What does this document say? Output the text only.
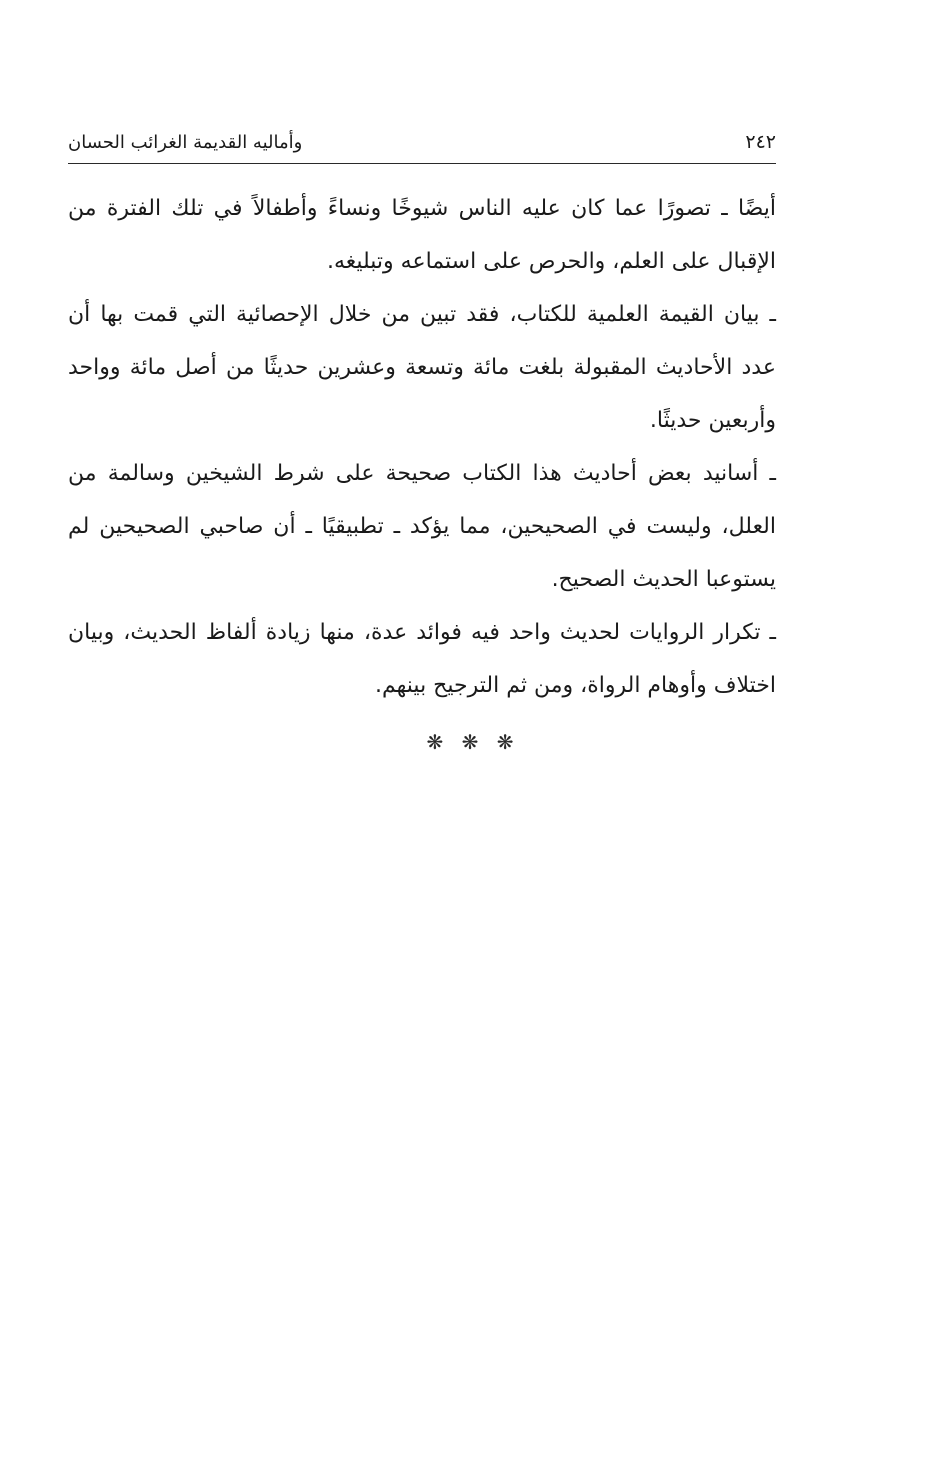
٢٤٢
وأماليه القديمة الغرائب الحسان

أيضًا ـ تصورًا عما كان عليه الناس شيوخًا ونساءً وأطفالاً في تلك الفترة من الإقبال على العلم، والحرص على استماعه وتبليغه.

ـ بيان القيمة العلمية للكتاب، فقد تبين من خلال الإحصائية التي قمت بها أن عدد الأحاديث المقبولة بلغت مائة وتسعة وعشرين حديثًا من أصل مائة وواحد وأربعين حديثًا.

ـ أسانيد بعض أحاديث هذا الكتاب صحيحة على شرط الشيخين وسالمة من العلل، وليست في الصحيحين، مما يؤكد ـ تطبيقيًا ـ أن صاحبي الصحيحين لم يستوعبا الحديث الصحيح.

ـ تكرار الروايات لحديث واحد فيه فوائد عدة، منها زيادة ألفاظ الحديث، وبيان اختلاف وأوهام الرواة، ومن ثم الترجيح بينهم.

❋ ❋ ❋
